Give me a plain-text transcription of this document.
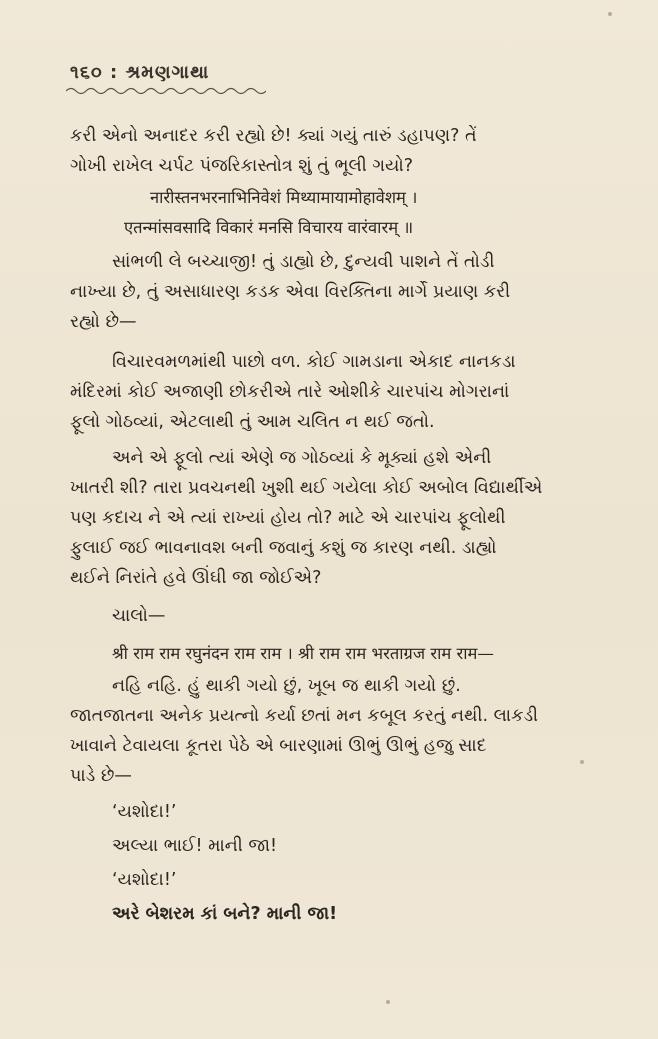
૧૬૦ : શ્રમણગાથા
કરી એનો અનાદર કરી રહ્યો છે! ક્યાં ગયું તારું ડહાપણ? તેં
ગોખી રાખેલ ચર્પટ પંજરિકાસ્તોત્ર શું તું ભૂલી ગયો?
नारीस्तनभरनाभिनिवेशं मिथ्यामायामोहावेशम् ।
एतन्मांसवसादि विकारं मनसि विचारय वारंवारम् ॥
સાંભળી લે બચ્ચાજી! તું ડાહ્યો છે, દુન્યવી પાશને તેં તોડી
નાખ્યા છે, તું અસાધારણ કડક એવા વિરક્તિના માર્ગે પ્રયાણ કરી
રહ્યો છે—
વિચારવમળમાંથી પાછો વળ. કોઈ ગામડાના એકાદ નાનકડા
મંદિરમાં કોઈ અજાણી છોકરીએ તારે ઓશીકે ચારપાંચ મોગરાનાં
ફૂલો ગોઠવ્યાં, એટલાથી તું આમ ચલિત ન થઈ જતો.
અને એ ફૂલો ત્યાં એણે જ ગોઠવ્યાં કે મૂક્યાં હશે એની
ખાતરી શી? તારા પ્રવચનથી ખુશી થઈ ગયેલા કોઈ અબોલ વિદ્યાર્થીએ
પણ કદાચ ને એ ત્યાં રાખ્યાં હોય તો? માટે એ ચારપાંચ ફૂલોથી
ફુલાઈ જઈ ભાવનાવશ બની જવાનું કશું જ કારણ નથી. ડાહ્યો
થઈને નિરાંતે હવે ઊંઘી જા જોઈએ?
ચાલો—
श्री राम राम रघुनंदन राम राम । श्री राम राम भरताग्रज राम राम—
નહિ નહિ. હું થાકી ગયો છું, ખૂબ જ થાકી ગયો છું.
જાતજાતના અનેક પ્રયત્નો કર્યા છતાં મન કબૂલ કરતું નથી. લાકડી
ખાવાને ટેવાયલા કૂતરા પેઠે એ બારણામાં ઊભું ઊભું હજુ સાદ
પાડે છે—
‘યશોદા!’
અલ્યા ભાઈ! માની જા!
‘યશોદા!’
અરે બેશરમ કાં બને? માની જા!
